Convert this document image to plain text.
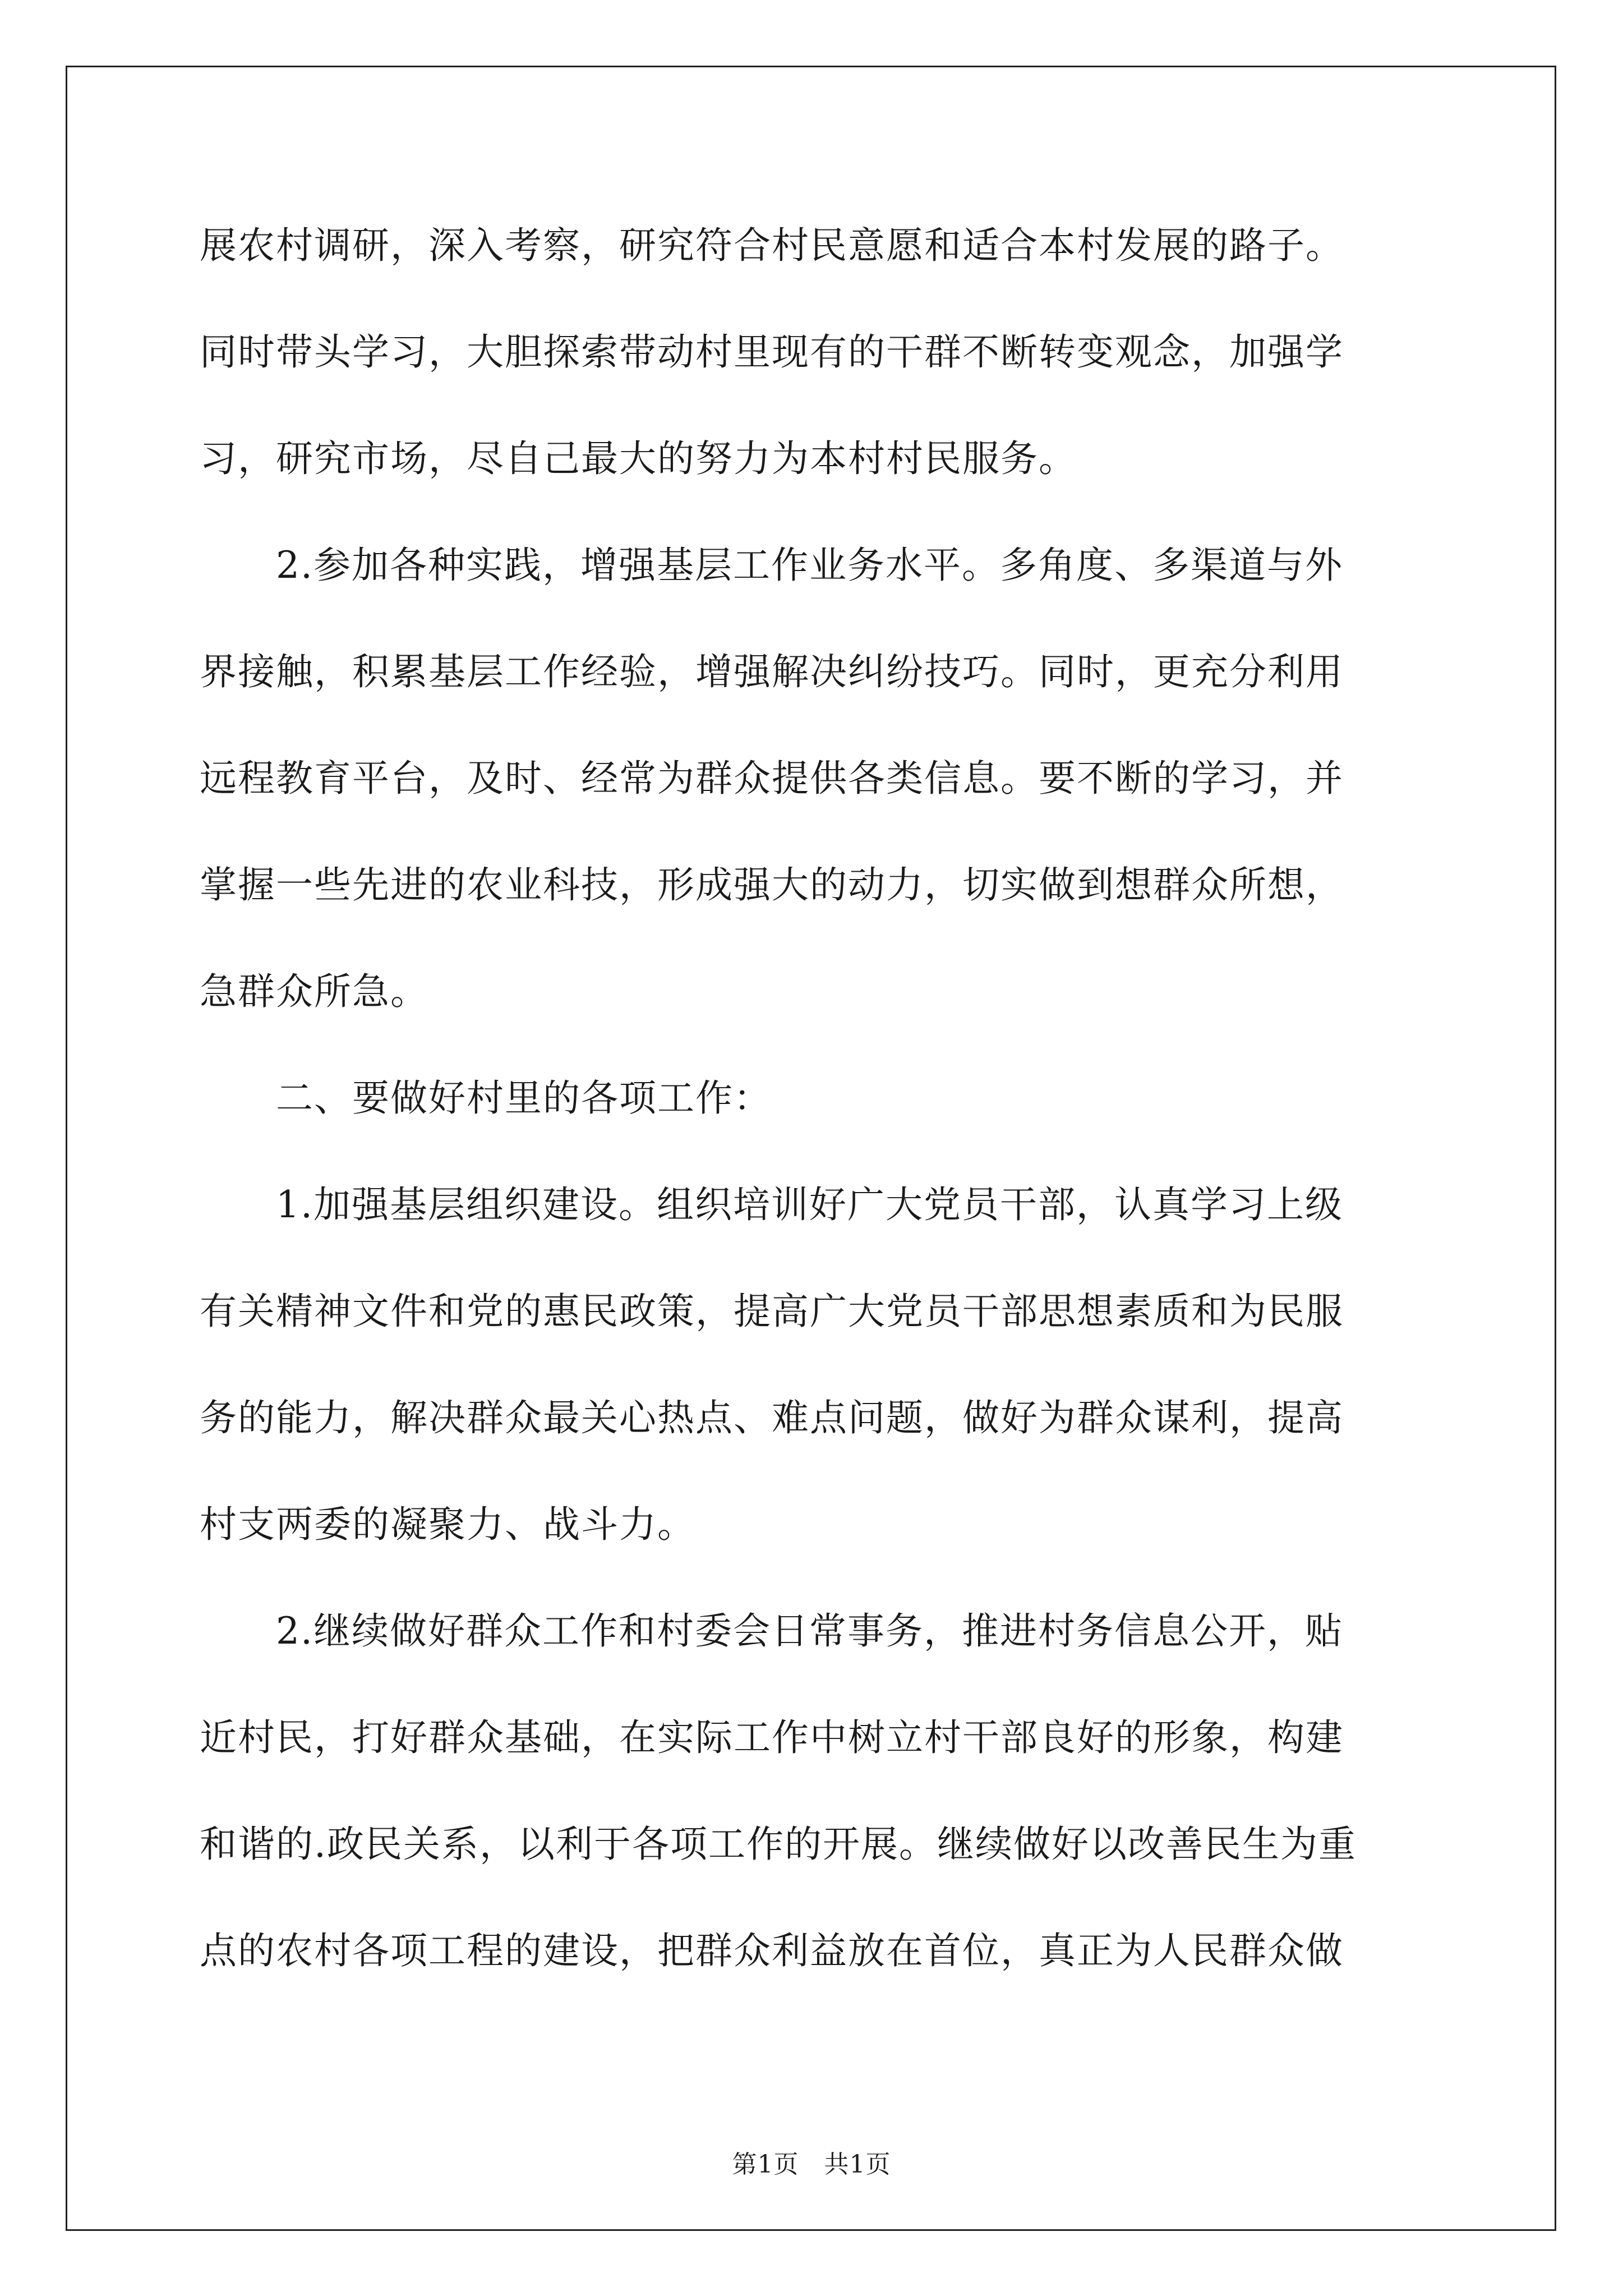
展农村调研，深入考察，研究符合村民意愿和适合本村发展的路子。
同时带头学习，大胆探索带动村里现有的干群不断转变观念，加强学
习，研究市场，尽自己最大的努力为本村村民服务。
　　2.参加各种实践，增强基层工作业务水平。多角度、多渠道与外
界接触，积累基层工作经验，增强解决纠纷技巧。同时，更充分利用
远程教育平台，及时、经常为群众提供各类信息。要不断的学习，并
掌握一些先进的农业科技，形成强大的动力，切实做到想群众所想，
急群众所急。
　　二、要做好村里的各项工作：
　　1.加强基层组织建设。组织培训好广大党员干部，认真学习上级
有关精神文件和党的惠民政策，提高广大党员干部思想素质和为民服
务的能力，解决群众最关心热点、难点问题，做好为群众谋利，提高
村支两委的凝聚力、战斗力。
　　2.继续做好群众工作和村委会日常事务，推进村务信息公开，贴
近村民，打好群众基础，在实际工作中树立村干部良好的形象，构建
和谐的.政民关系，以利于各项工作的开展。继续做好以改善民生为重
点的农村各项工程的建设，把群众利益放在首位，真正为人民群众做
第1页　共1页
